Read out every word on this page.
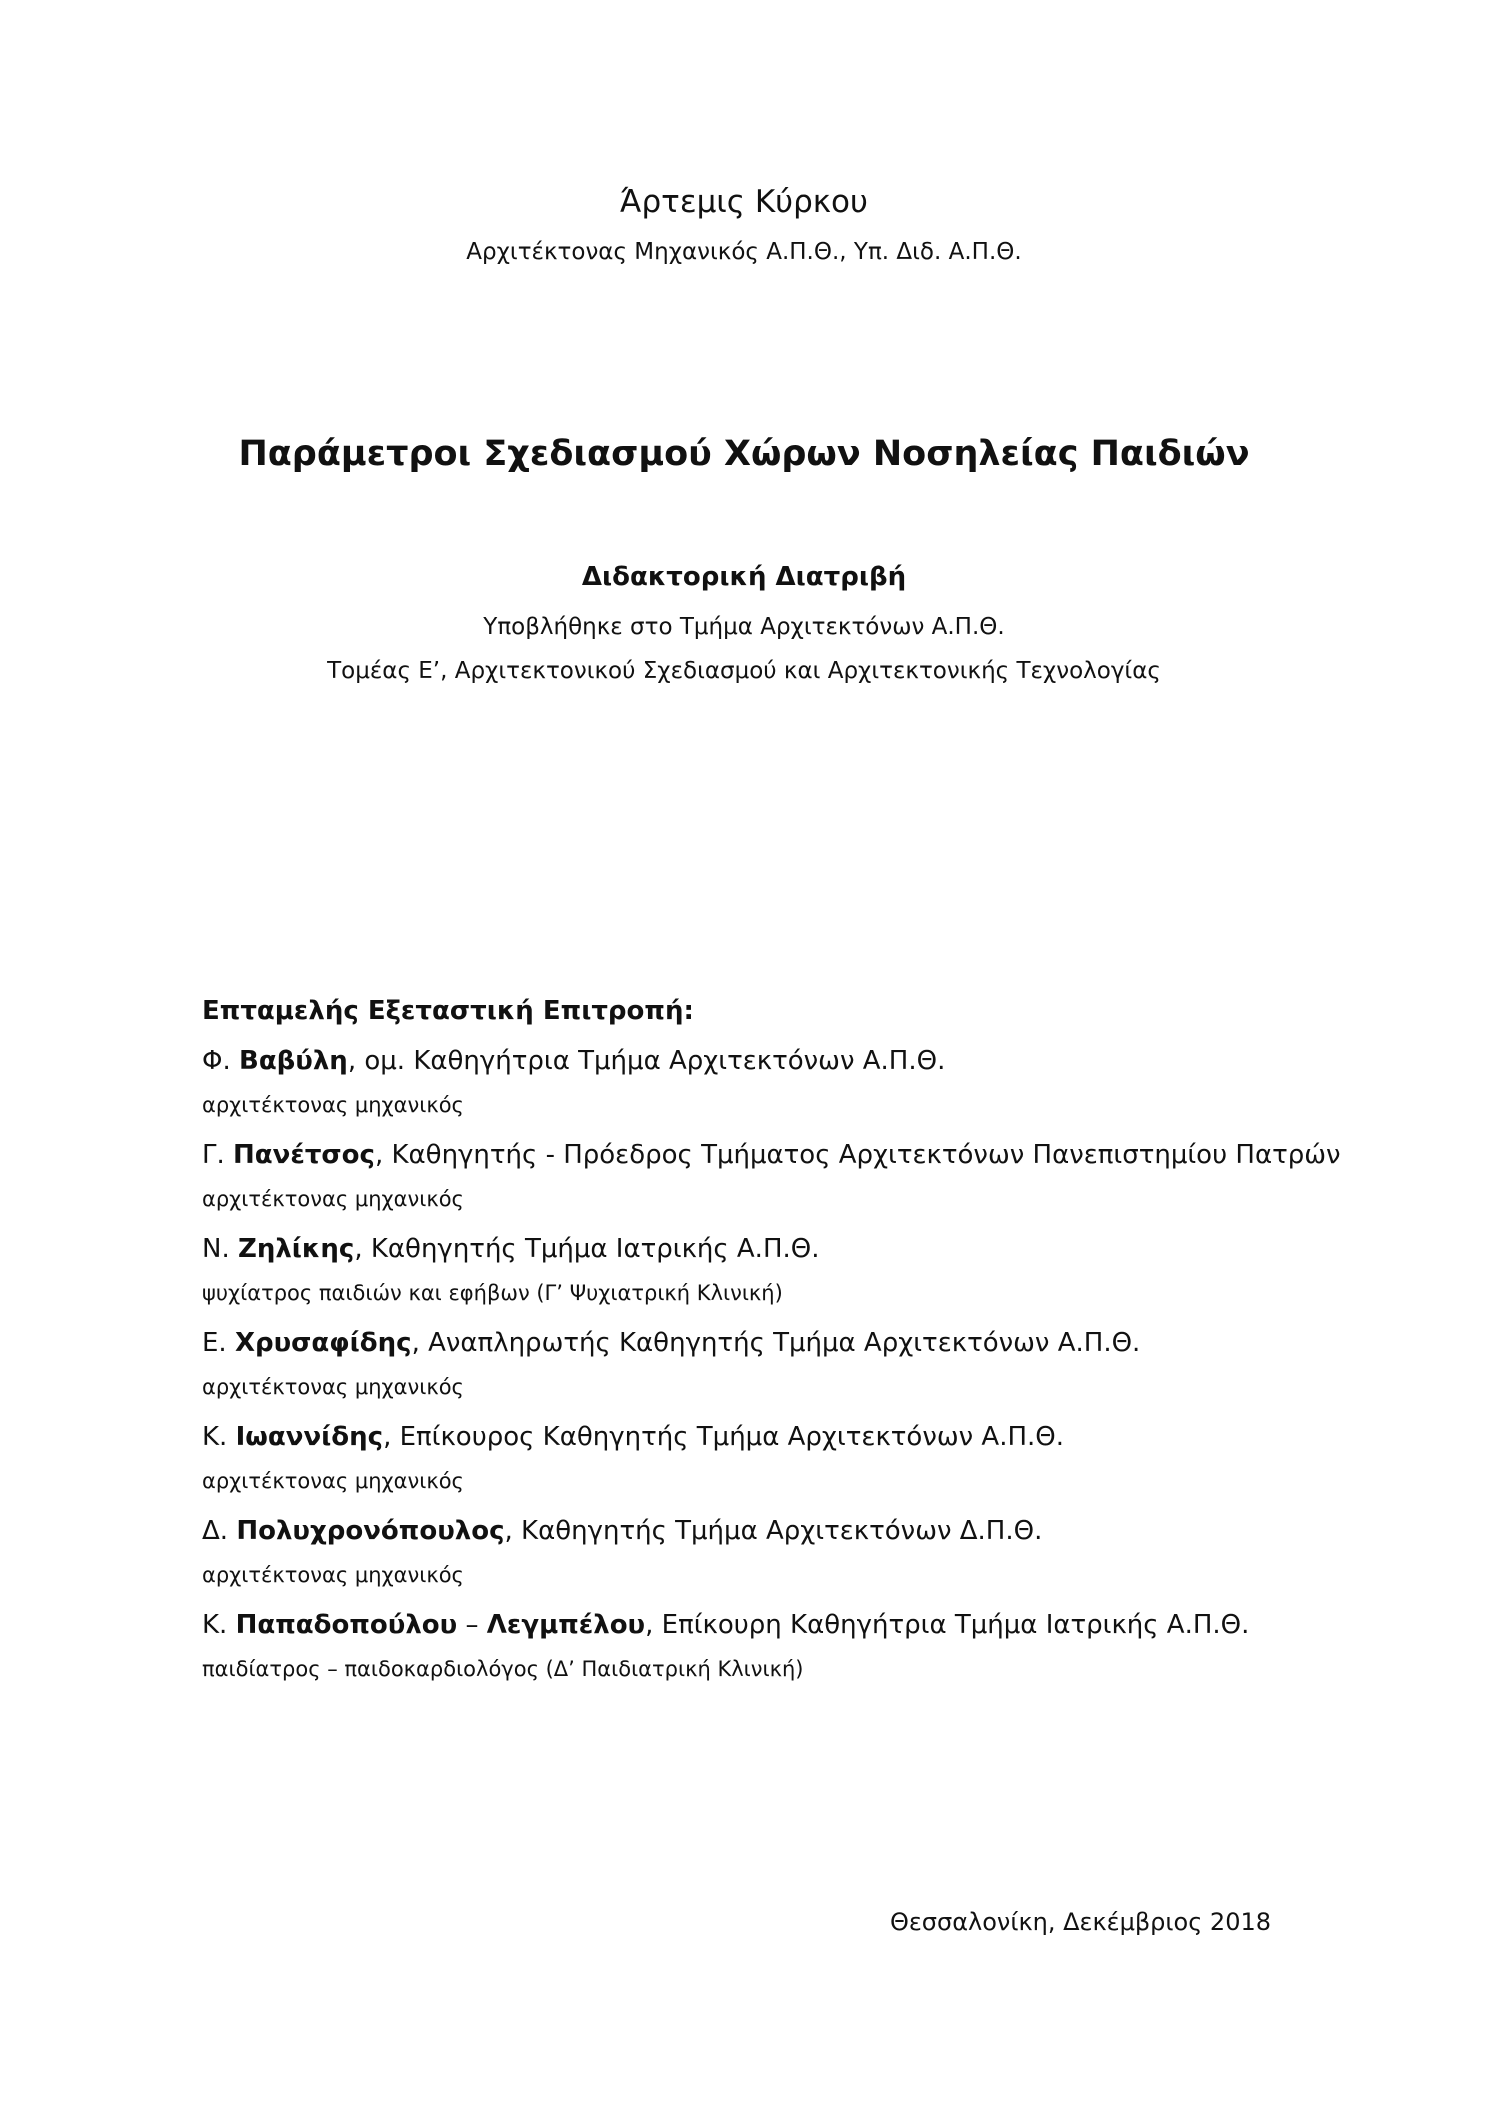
Άρτεμις Κύρκου
Αρχιτέκτονας Μηχανικός Α.Π.Θ., Υπ. Διδ. Α.Π.Θ.
Παράμετροι Σχεδιασμού Χώρων Νοσηλείας Παιδιών
Διδακτορική Διατριβή
Υποβλήθηκε στο Τμήμα Αρχιτεκτόνων Α.Π.Θ.
Τομέας Ε’, Αρχιτεκτονικού Σχεδιασμού και Αρχιτεκτονικής Τεχνολογίας
Επταμελής Εξεταστική Επιτροπή:
Φ. Βαβύλη, ομ. Καθηγήτρια Τμήμα Αρχιτεκτόνων Α.Π.Θ.
αρχιτέκτονας μηχανικός
Γ. Πανέτσος, Καθηγητής - Πρόεδρος Τμήματος Αρχιτεκτόνων Πανεπιστημίου Πατρών
αρχιτέκτονας μηχανικός
Ν. Ζηλίκης, Καθηγητής Τμήμα Ιατρικής Α.Π.Θ.
ψυχίατρος παιδιών και εφήβων (Γ’ Ψυχιατρική Κλινική)
Ε. Χρυσαφίδης, Αναπληρωτής Καθηγητής Τμήμα Αρχιτεκτόνων Α.Π.Θ.
αρχιτέκτονας μηχανικός
Κ. Ιωαννίδης, Επίκουρος Καθηγητής Τμήμα Αρχιτεκτόνων Α.Π.Θ.
αρχιτέκτονας μηχανικός
Δ. Πολυχρονόπουλος, Καθηγητής Τμήμα Αρχιτεκτόνων Δ.Π.Θ.
αρχιτέκτονας μηχανικός
Κ. Παπαδοπούλου – Λεγμπέλου, Επίκουρη Καθηγήτρια Τμήμα Ιατρικής Α.Π.Θ.
παιδίατρος – παιδοκαρδιολόγος (Δ’ Παιδιατρική Κλινική)
Θεσσαλονίκη, Δεκέμβριος 2018
